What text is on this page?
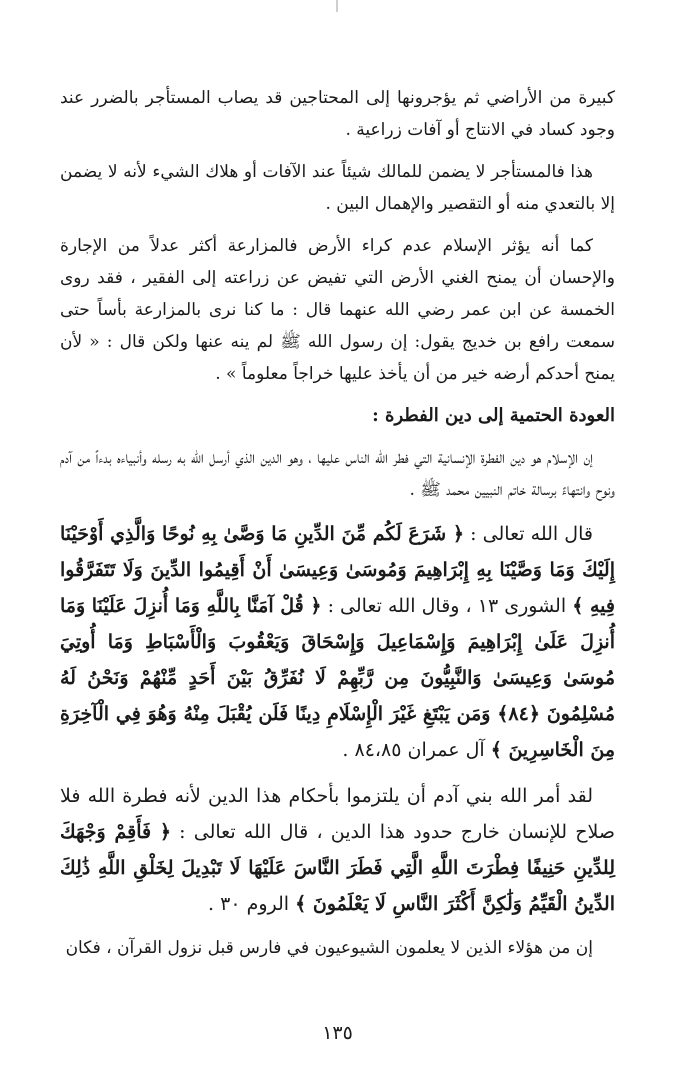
كبيرة من الأراضي ثم يؤجرونها إلى المحتاجين قد يصاب المستأجر بالضرر عند وجود كساد في الانتاج أو آفات زراعية .

هذا فالمستأجر لا يضمن للمالك شيئاً عند الآفات أو هلاك الشيء لأنه لا يضمن إلا بالتعدي منه أو التقصير والإهمال البين .

كما أنه يؤثر الإسلام عدم كراء الأرض فالمزارعة أكثر عدلاً من الإجارة والإحسان أن يمنح الغني الأرض التي تفيض عن زراعته إلى الفقير ، فقد روى الخمسة عن ابن عمر رضي الله عنهما قال : ما كنا نرى بالمزارعة بأساً حتى سمعت رافع بن خديج يقول: إن رسول الله ﷺ لم ينه عنها ولكن قال : « لأن يمنح أحدكم أرضه خير من أن يأخذ عليها خراجاً معلوماً » .

العودة الحتمية إلى دين الفطرة :

إن الإسلام هو دين الفطرة الإنسانية التي فطر الله الناس عليها ، وهو الدين الذي أرسل الله به رسله وأنبياءه بدءاً من آدم ونوح وانتهاءً برسالة خاتم النبيين محمد ﷺ .

قال الله تعالى : ﴿ شَرَعَ لَكُم مِّنَ الدِّينِ مَا وَصَّىٰ بِهِ نُوحًا وَالَّذِي أَوْحَيْنَا إِلَيْكَ وَمَا وَصَّيْنَا بِهِ إِبْرَاهِيمَ وَمُوسَىٰ وَعِيسَىٰ أَنْ أَقِيمُوا الدِّينَ وَلَا تَتَفَرَّقُوا فِيهِ ﴾ الشورى ١٣ ، وقال الله تعالى : ﴿ قُلْ آمَنَّا بِاللَّهِ وَمَا أُنزِلَ عَلَيْنَا وَمَا أُنزِلَ عَلَىٰ إِبْرَاهِيمَ وَإِسْمَاعِيلَ وَإِسْحَاقَ وَيَعْقُوبَ وَالْأَسْبَاطِ وَمَا أُوتِيَ مُوسَىٰ وَعِيسَىٰ وَالنَّبِيُّونَ مِن رَّبِّهِمْ لَا نُفَرِّقُ بَيْنَ أَحَدٍ مِّنْهُمْ وَنَحْنُ لَهُ مُسْلِمُونَ ﴿٨٤﴾ وَمَن يَبْتَغِ غَيْرَ الْإِسْلَامِ دِينًا فَلَن يُقْبَلَ مِنْهُ وَهُوَ فِي الْآخِرَةِ مِنَ الْخَاسِرِينَ ﴾ آل عمران ٨٤،٨٥ .

لقد أمر الله بني آدم أن يلتزموا بأحكام هذا الدين لأنه فطرة الله فلا صلاح للإنسان خارج حدود هذا الدين ، قال الله تعالى : ﴿ فَأَقِمْ وَجْهَكَ لِلدِّينِ حَنِيفًا فِطْرَتَ اللَّهِ الَّتِي فَطَرَ النَّاسَ عَلَيْهَا لَا تَبْدِيلَ لِخَلْقِ اللَّهِ ذَٰلِكَ الدِّينُ الْقَيِّمُ وَلَٰكِنَّ أَكْثَرَ النَّاسِ لَا يَعْلَمُونَ ﴾ الروم ٣٠ .

إن من هؤلاء الذين لا يعلمون الشيوعيون في فارس قبل نزول القرآن ، فكان

١٣٥
